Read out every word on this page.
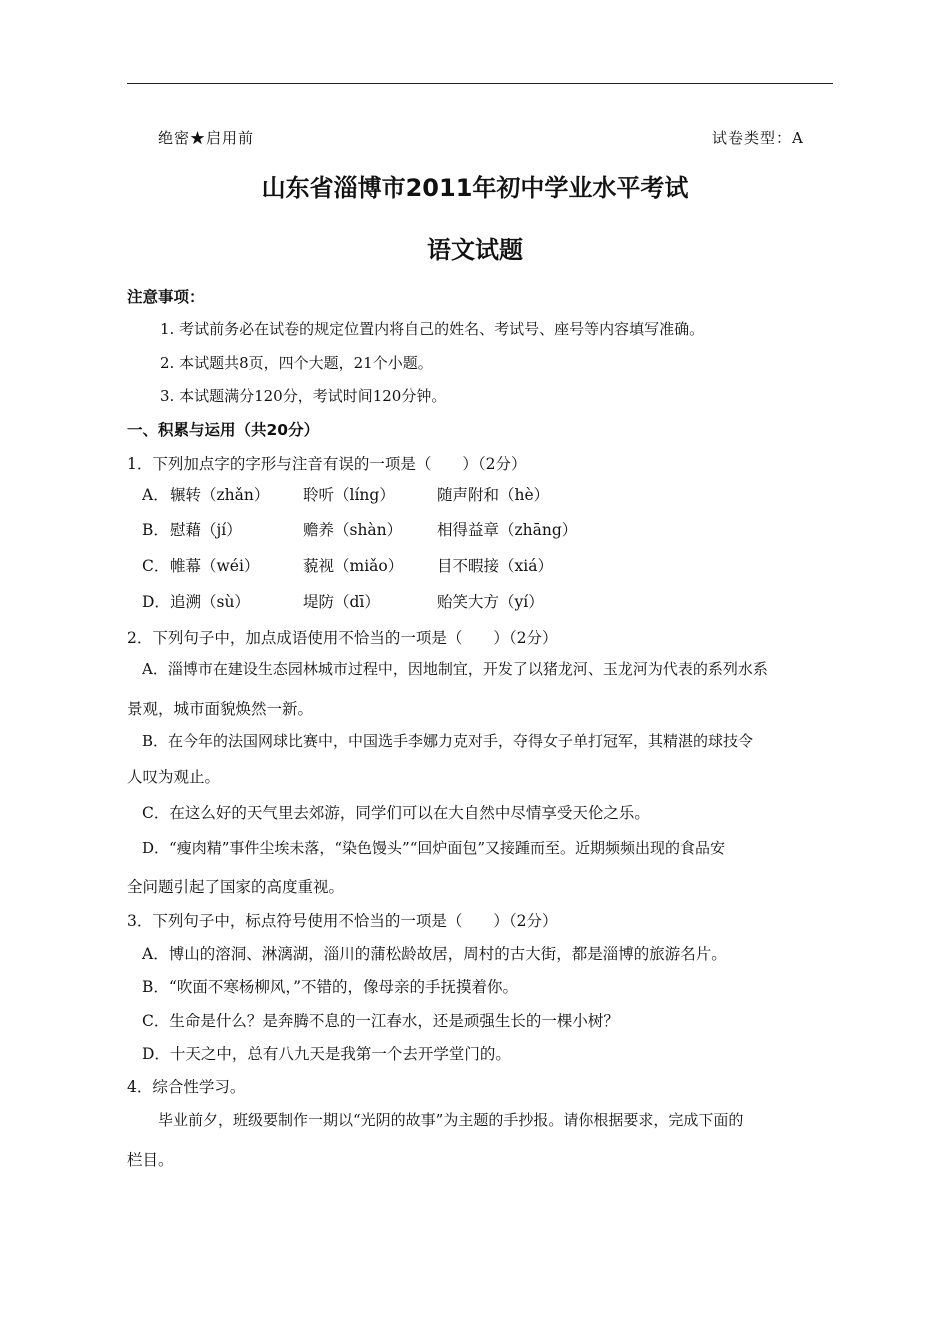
绝密★启用前	试卷类型：A
山东省淄博市2011年初中学业水平考试
语文试题
注意事项：
1. 考试前务必在试卷的规定位置内将自己的姓名、考试号、座号等内容填写准确。
2. 本试题共8页，四个大题，21个小题。
3. 本试题满分120分，考试时间120分钟。
一、积累与运用（共20分）
1．下列加点字的字形与注音有误的一项是（　　）（2分）
A． 辗转（zhǎn） 聆听（líng）	随声附和（hè）
B． 慰藉（jí）	赡养（shàn） 相得益章（zhāng）
C． 帷幕（wéi）	藐视（miǎo） 目不暇接（xiá）
D． 追溯（sù）	堤防（dī）	贻笑大方（yí）
2．下列句子中，加点成语使用不恰当的一项是（　　）（2分）
A．淄博市在建设生态园林城市过程中，因地制宜，开发了以猪龙河、玉龙河为代表的系列水系
景观，城市面貌焕然一新。
B．在今年的法国网球比赛中，中国选手李娜力克对手，夺得女子单打冠军，其精湛的球技令
人叹为观止。
C．在这么好的天气里去郊游，同学们可以在大自然中尽情享受天伦之乐。
D．“瘦肉精”事件尘埃未落，“染色馒头”“回炉面包”又接踵而至。近期频频出现的食品安
全问题引起了国家的高度重视。
3．下列句子中，标点符号使用不恰当的一项是（　　）（2分）
A．博山的溶洞、淋漓湖，淄川的蒲松龄故居，周村的古大街，都是淄博的旅游名片。
B．“吹面不寒杨柳风，”不错的，像母亲的手抚摸着你。
C．生命是什么？是奔腾不息的一江春水，还是顽强生长的一棵小树？
D．十天之中，总有八九天是我第一个去开学堂门的。
4．综合性学习。
毕业前夕，班级要制作一期以“光阴的故事”为主题的手抄报。请你根据要求，完成下面的
栏目。
